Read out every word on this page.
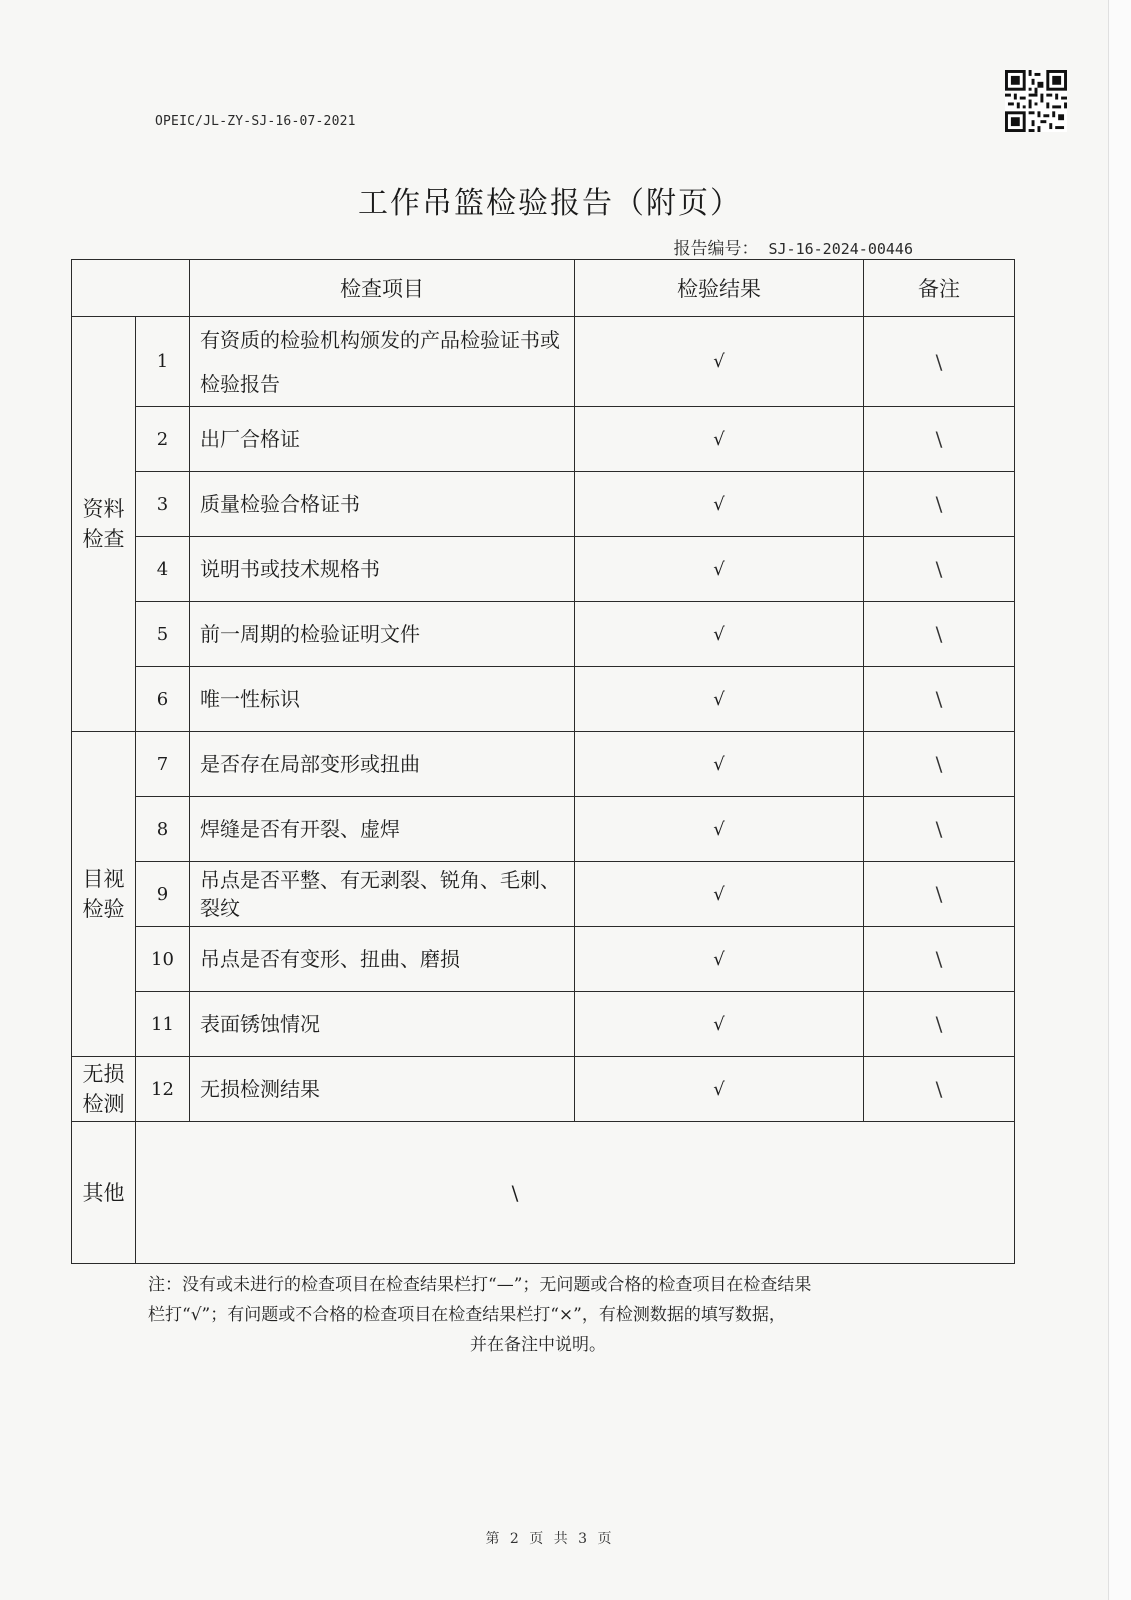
OPEIC/JL-ZY-SJ-16-07-2021
工作吊篮检验报告（附页）
报告编号： SJ-16-2024-00446
		检查项目	检验结果	备注
资料检查	1	有资质的检验机构颁发的产品检验证书或检验报告	√	\
	2	出厂合格证	√	\
	3	质量检验合格证书	√	\
	4	说明书或技术规格书	√	\
	5	前一周期的检验证明文件	√	\
	6	唯一性标识	√	\
目视检验	7	是否存在局部变形或扭曲	√	\
	8	焊缝是否有开裂、虚焊	√	\
	9	吊点是否平整、有无剥裂、锐角、毛刺、裂纹	√	\
	10	吊点是否有变形、扭曲、磨损	√	\
	11	表面锈蚀情况	√	\
无损检测	12	无损检测结果	√	\
其他	\			
注：没有或未进行的检查项目在检查结果栏打“—”；无问题或合格的检查项目在检查结果
栏打“√”；有问题或不合格的检查项目在检查结果栏打“×”，有检测数据的填写数据，
并在备注中说明。
第 2 页 共 3 页
